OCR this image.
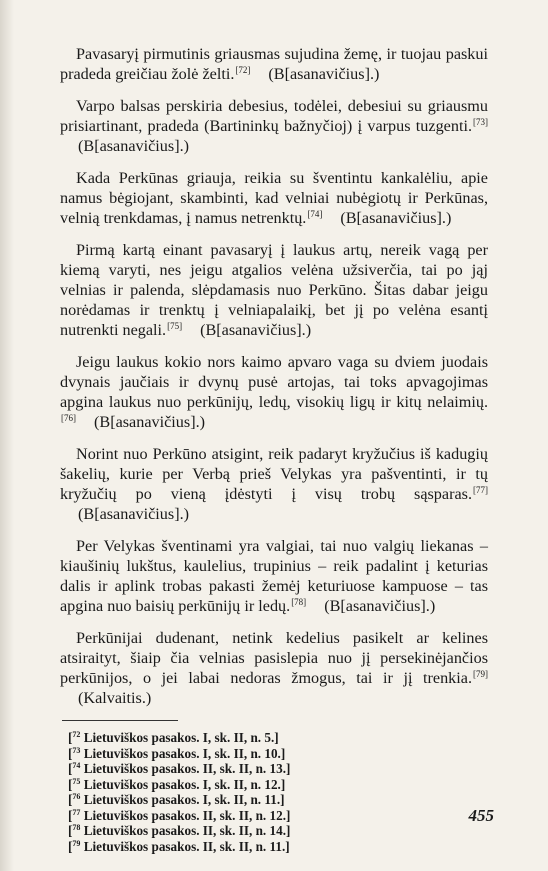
Pavasaryį pirmutinis griausmas sujudina žemę, ir tuojau paskui pradeda greičiau žolė želti.[72] (B[asanavičius].)

Varpo balsas perskiria debesius, todėlei, debesiui su griausmu prisiartinant, pradeda (Bartininkų bažnyčioj) į varpus tuzgenti.[73](B[asanavičius].)

Kada Perkūnas griauja, reikia su šventintu kankalėliu, apie namus bėgiojant, skambinti, kad velniai nubėgiotų ir Perkūnas, velnią trenkdamas, į namus netrenktų.[74] (B[asanavičius].)

Pirmą kartą einant pavasaryį į laukus artų, nereik vagą per kiemą varyti, nes jeigu atgalios velėna užsiverčia, tai po jąj velnias ir palenda, slėpdamasis nuo Perkūno. Šitas dabar jeigu norėdamas ir trenktų į velniapalaikį, bet jį po velėna esantį nutrenkti negali.[75] (B[asanavičius].)

Jeigu laukus kokio nors kaimo apvaro vaga su dviem juodais dvynais jaučiais ir dvynų pusė artojas, tai toks apvagojimas apgina laukus nuo perkūnijų, ledų, visokių ligų ir kitų nelaimių.[76] (B[asanavičius].)

Norint nuo Perkūno atsigint, reik padaryt kryžučius iš kadugių šakelių, kurie per Verbą prieš Velykas yra pašventinti, ir tų kryžučių po vieną įdėstyti į visų trobų sąsparas.[77](B[asanavičius].)

Per Velykas šventinami yra valgiai, tai nuo valgių liekanas – kiaušinių lukštus, kaulelius, trupinius – reik padalint į keturias dalis ir aplink trobas pakasti žemėj keturiuose kampuose – tas apgina nuo baisių perkūnijų ir ledų.[78] (B[asanavičius].)

Perkūnijai dudenant, netink kedelius pasikelt ar kelines atsiraityt, šiaip čia velnias pasislepia nuo jį persekinėjančios perkūnijos, o jei labai nedoras žmogus, tai ir jį trenkia.[79](Kalvaitis.)

[$^{72}$ Lietuviškos pasakos. I, sk. II, n. 5.]
[$^{73}$ Lietuviškos pasakos. I, sk. II, n. 10.]
[$^{74}$ Lietuviškos pasakos. II, sk. II, n. 13.]
[$^{75}$ Lietuviškos pasakos. I, sk. II, n. 12.]
[$^{76}$ Lietuviškos pasakos. I, sk. II, n. 11.]
[$^{77}$ Lietuviškos pasakos. II, sk. II, n. 12.]
[$^{78}$ Lietuviškos pasakos. II, sk. II, n. 14.]
[$^{79}$ Lietuviškos pasakos. II, sk. II, n. 11.]
455
